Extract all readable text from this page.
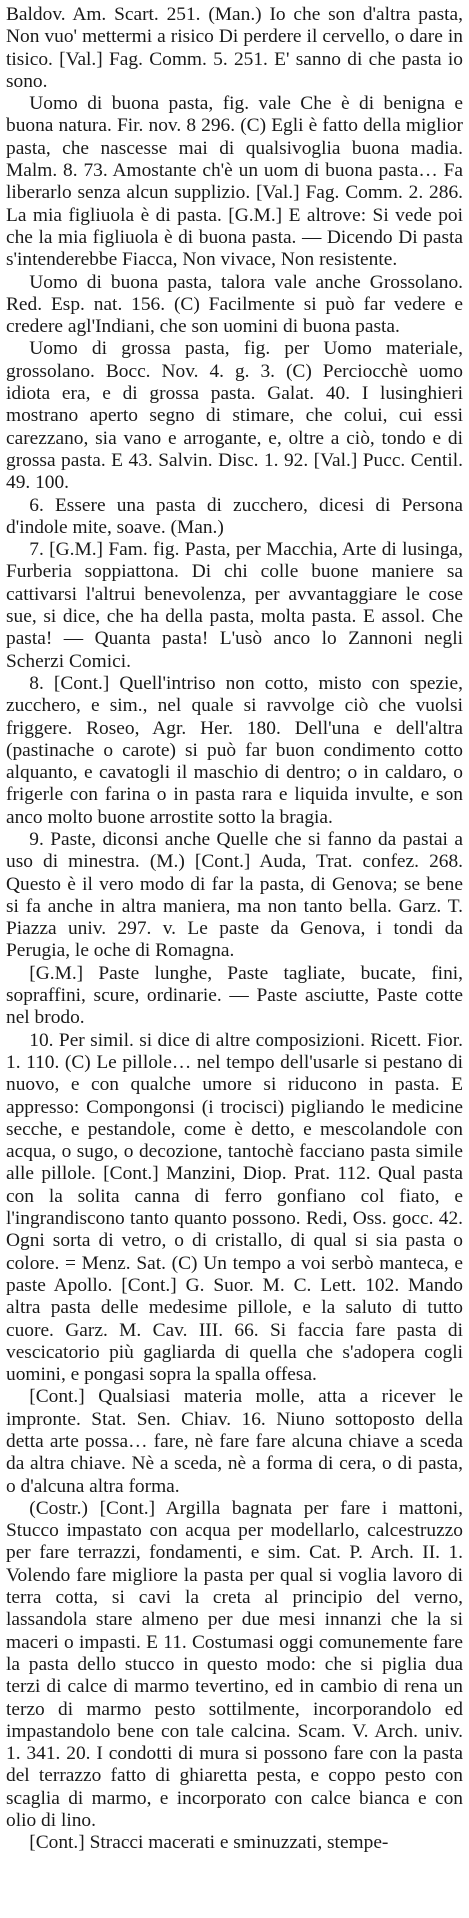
Baldov. Am. Scart. 251. (Man.) Io che son d'altra pasta, Non vuo' mettermi a risico Di perdere il cervello, o dare in tisico. [Val.] Fag. Comm. 5. 251. E' sanno di che pasta io sono.

Uomo di buona pasta, fig. vale Che è di benigna e buona natura. Fir. nov. 8 296. (C) Egli è fatto della miglior pasta, che nascesse mai di qualsivoglia buona madia. Malm. 8. 73. Amostante ch'è un uom di buona pasta… Fa liberarlo senza alcun supplizio. [Val.] Fag. Comm. 2. 286. La mia figliuola è di pasta. [G.M.] E altrove: Si vede poi che la mia figliuola è di buona pasta. — Dicendo Di pasta s'intenderebbe Fiacca, Non vivace, Non resistente.

Uomo di buona pasta, talora vale anche Grossolano. Red. Esp. nat. 156. (C) Facilmente si può far vedere e credere agl'Indiani, che son uomini di buona pasta.

Uomo di grossa pasta, fig. per Uomo materiale, grossolano. Bocc. Nov. 4. g. 3. (C) Perciocchè uomo idiota era, e di grossa pasta. Galat. 40. I lusinghieri mostrano aperto segno di stimare, che colui, cui essi carezzano, sia vano e arrogante, e, oltre a ciò, tondo e di grossa pasta. E 43. Salvin. Disc. 1. 92. [Val.] Pucc. Centil. 49. 100.

6. Essere una pasta di zucchero, dicesi di Persona d'indole mite, soave. (Man.)

7. [G.M.] Fam. fig. Pasta, per Macchia, Arte di lusinga, Furberia soppiattona. Di chi colle buone maniere sa cattivarsi l'altrui benevolenza, per avvantaggiare le cose sue, si dice, che ha della pasta, molta pasta. E assol. Che pasta! — Quanta pasta! L'usò anco lo Zannoni negli Scherzi Comici.

8. [Cont.] Quell'intriso non cotto, misto con spezie, zucchero, e sim., nel quale si ravvolge ciò che vuolsi friggere. Roseo, Agr. Her. 180. Dell'una e dell'altra (pastinache o carote) si può far buon condimento cotto alquanto, e cavatogli il maschio di dentro; o in caldaro, o frigerle con farina o in pasta rara e liquida invulte, e son anco molto buone arrostite sotto la bragia.

9. Paste, diconsi anche Quelle che si fanno da pastai a uso di minestra. (M.) [Cont.] Auda, Trat. confez. 268. Questo è il vero modo di far la pasta, di Genova; se bene si fa anche in altra maniera, ma non tanto bella. Garz. T. Piazza univ. 297. v. Le paste da Genova, i tondi da Perugia, le oche di Romagna.

[G.M.] Paste lunghe, Paste tagliate, bucate, fini, sopraffini, scure, ordinarie. — Paste asciutte, Paste cotte nel brodo.

10. Per simil. si dice di altre composizioni. Ricett. Fior. 1. 110. (C) Le pillole… nel tempo dell'usarle si pestano di nuovo, e con qualche umore si riducono in pasta. E appresso: Compongonsi (i trocisci) pigliando le medicine secche, e pestandole, come è detto, e mescolandole con acqua, o sugo, o decozione, tantochè facciano pasta simile alle pillole. [Cont.] Manzini, Diop. Prat. 112. Qual pasta con la solita canna di ferro gonfiano col fiato, e l'ingrandiscono tanto quanto possono. Redi, Oss. gocc. 42. Ogni sorta di vetro, o di cristallo, di qual si sia pasta o colore. = Menz. Sat. (C) Un tempo a voi serbò manteca, e paste Apollo. [Cont.] G. Suor. M. C. Lett. 102. Mando altra pasta delle medesime pillole, e la saluto di tutto cuore. Garz. M. Cav. III. 66. Si faccia fare pasta di vescicatorio più gagliarda di quella che s'adopera cogli uomini, e pongasi sopra la spalla offesa.

[Cont.] Qualsiasi materia molle, atta a ricever le impronte. Stat. Sen. Chiav. 16. Niuno sottoposto della detta arte possa… fare, nè fare fare alcuna chiave a sceda da altra chiave. Nè a sceda, nè a forma di cera, o di pasta, o d'alcuna altra forma.

(Costr.) [Cont.] Argilla bagnata per fare i mattoni, Stucco impastato con acqua per modellarlo, calcestruzzo per fare terrazzi, fondamenti, e sim. Cat. P. Arch. II. 1. Volendo fare migliore la pasta per qual si voglia lavoro di terra cotta, si cavi la creta al principio del verno, lassandola stare almeno per due mesi innanzi che la si maceri o impasti. E 11. Costumasi oggi comunemente fare la pasta dello stucco in questo modo: che si piglia dua terzi di calce di marmo tevertino, ed in cambio di rena un terzo di marmo pesto sottilmente, incorporandolo ed impastandolo bene con tale calcina. Scam. V. Arch. univ. 1. 341. 20. I condotti di mura si possono fare con la pasta del terrazzo fatto di ghiaretta pesta, e coppo pesto con scaglia di marmo, e incorporato con calce bianca e con olio di lino.

[Cont.] Stracci macerati e sminuzzati, stempe-
